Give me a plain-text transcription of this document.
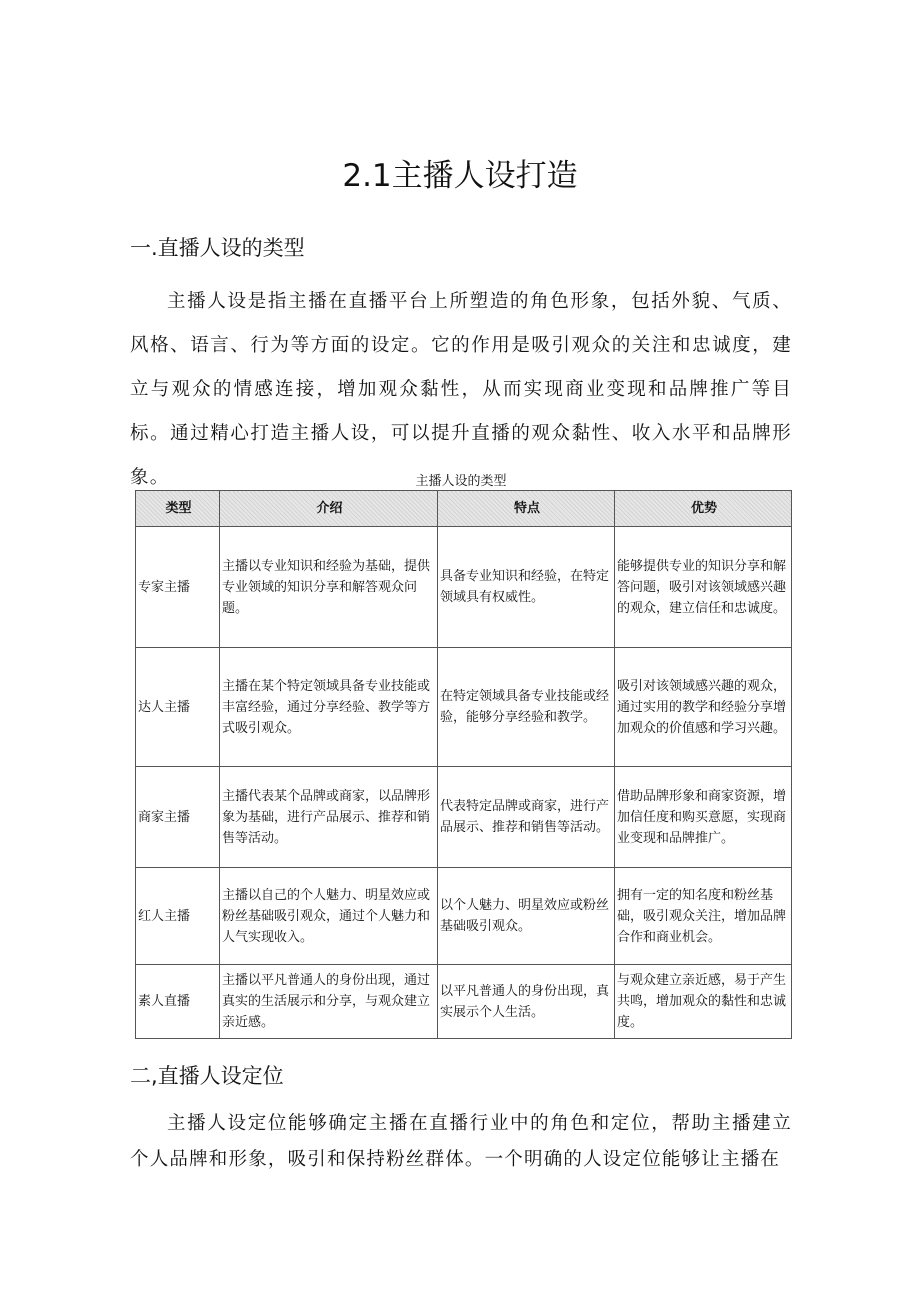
2.1主播人设打造
一.直播人设的类型

主播人设是指主播在直播平台上所塑造的角色形象，包括外貌、气质、风格、语言、行为等方面的设定。它的作用是吸引观众的关注和忠诚度，建立与观众的情感连接，增加观众黏性，从而实现商业变现和品牌推广等目标。通过精心打造主播人设，可以提升直播的观众黏性、收入水平和品牌形象。	主播人设的类型
类型	介绍	特点	优势
专家主播	主播以专业知识和经验为基础，提供专业领域的知识分享和解答观众问题。	具备专业知识和经验，在特定领域具有权威性。	能够提供专业的知识分享和解答问题，吸引对该领域感兴趣的观众，建立信任和忠诚度。
达人主播	主播在某个特定领域具备专业技能或丰富经验，通过分享经验、教学等方式吸引观众。	在特定领域具备专业技能或经验，能够分享经验和教学。	吸引对该领域感兴趣的观众，通过实用的教学和经验分享增加观众的价值感和学习兴趣。
商家主播	主播代表某个品牌或商家，以品牌形象为基础，进行产品展示、推荐和销售等活动。	代表特定品牌或商家，进行产品展示、推荐和销售等活动。	借助品牌形象和商家资源，增加信任度和购买意愿，实现商业变现和品牌推广。
红人主播	主播以自己的个人魅力、明星效应或粉丝基础吸引观众，通过个人魅力和人气实现收入。	以个人魅力、明星效应或粉丝基础吸引观众。	拥有一定的知名度和粉丝基础，吸引观众关注，增加品牌合作和商业机会。
素人直播	主播以平凡普通人的身份出现，通过真实的生活展示和分享，与观众建立亲近感。	以平凡普通人的身份出现，真实展示个人生活。	与观众建立亲近感，易于产生共鸣，增加观众的黏性和忠诚度。
二,直播人设定位

主播人设定位能够确定主播在直播行业中的角色和定位，帮助主播建立个人品牌和形象，吸引和保持粉丝群体。一个明确的人设定位能够让主播在
